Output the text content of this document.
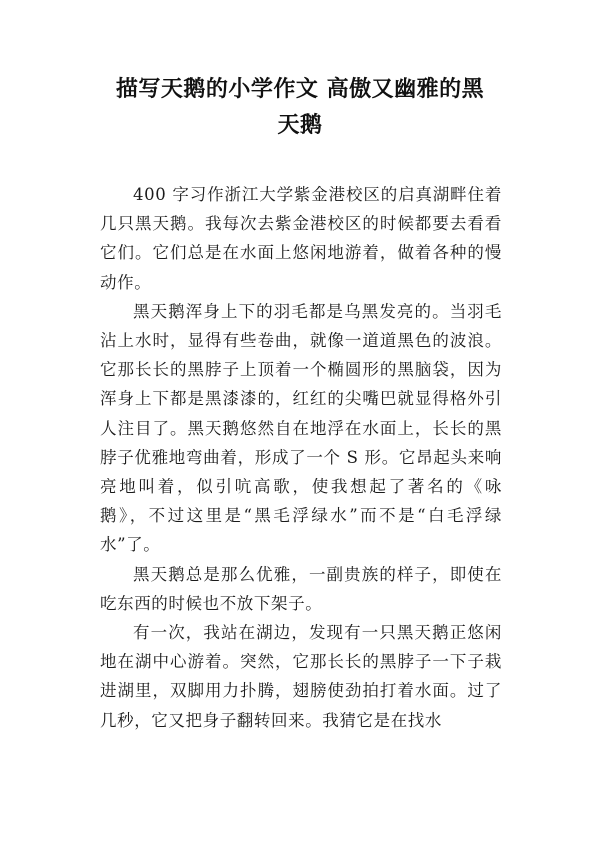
描写天鹅的小学作文 高傲又幽雅的黑
天鹅

400 字习作浙江大学紫金港校区的启真湖畔住着几只黑天鹅。我每次去紫金港校区的时候都要去看看它们。它们总是在水面上悠闲地游着，做着各种的慢动作。

黑天鹅浑身上下的羽毛都是乌黑发亮的。当羽毛沾上水时，显得有些卷曲，就像一道道黑色的波浪。它那长长的黑脖子上顶着一个椭圆形的黑脑袋，因为浑身上下都是黑漆漆的，红红的尖嘴巴就显得格外引人注目了。黑天鹅悠然自在地浮在水面上，长长的黑脖子优雅地弯曲着，形成了一个 S 形。它昂起头来响亮地叫着，似引吭高歌，使我想起了著名的《咏鹅》，不过这里是“黑毛浮绿水”而不是“白毛浮绿水”了。

黑天鹅总是那么优雅，一副贵族的样子，即使在吃东西的时候也不放下架子。

有一次，我站在湖边，发现有一只黑天鹅正悠闲地在湖中心游着。突然，它那长长的黑脖子一下子栽进湖里，双脚用力扑腾，翅膀使劲拍打着水面。过了几秒，它又把身子翻转回来。我猜它是在找水
